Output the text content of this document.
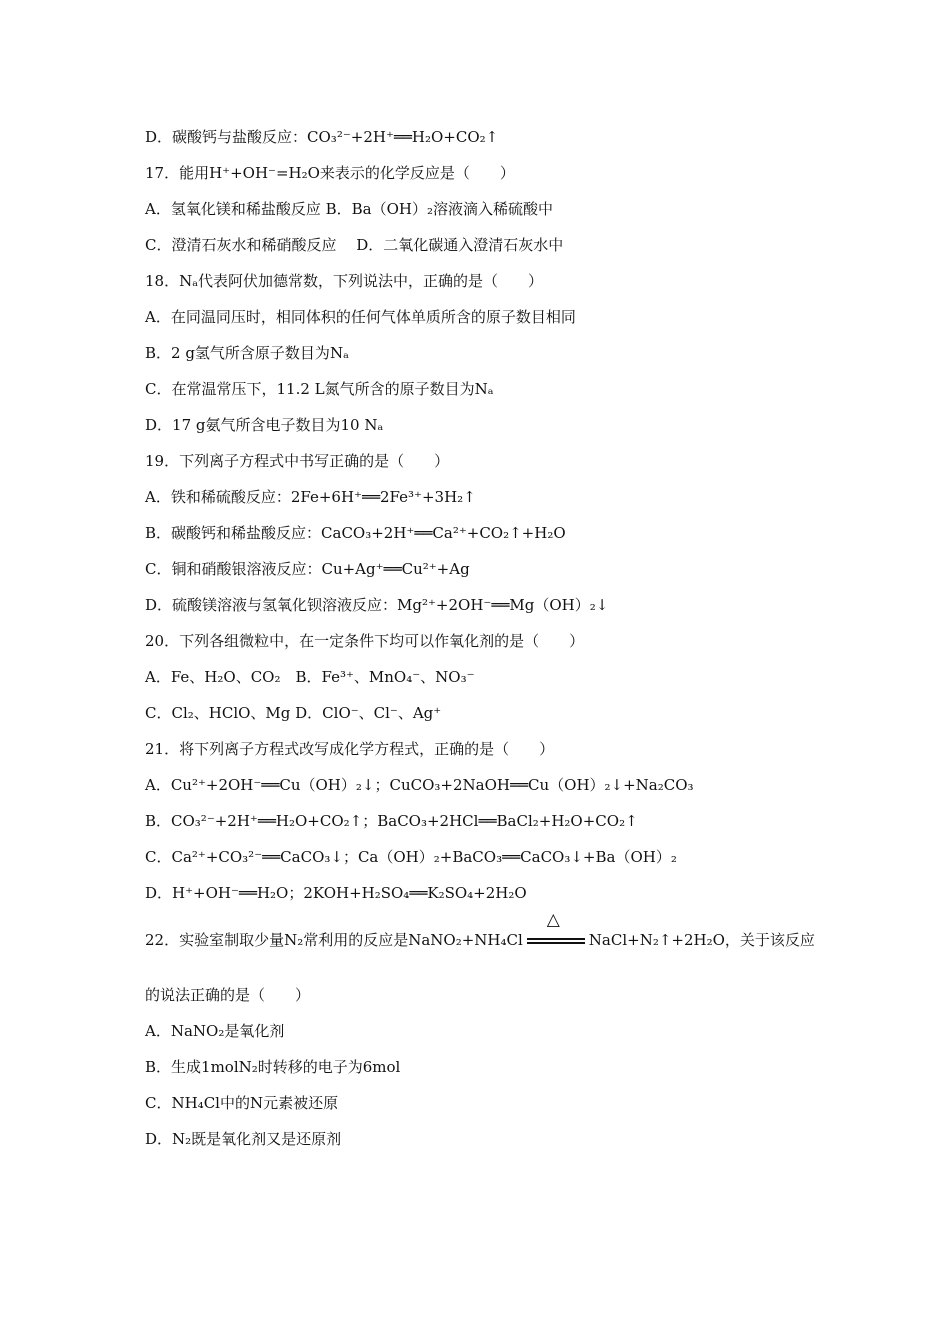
D．碳酸钙与盐酸反应：CO₃²⁻+2H⁺══H₂O+CO₂↑
17．能用H⁺+OH⁻=H₂O来表示的化学反应是（　　）
A．氢氧化镁和稀盐酸反应 B．Ba（OH）₂溶液滴入稀硫酸中
C．澄清石灰水和稀硝酸反应　 D．二氧化碳通入澄清石灰水中
18．Nₐ代表阿伏加德常数，下列说法中，正确的是（　　）
A．在同温同压时，相同体积的任何气体单质所含的原子数目相同
B．2 g氢气所含原子数目为Nₐ
C．在常温常压下，11.2 L氮气所含的原子数目为Nₐ
D．17 g氨气所含电子数目为10 Nₐ
19．下列离子方程式中书写正确的是（　　）
A．铁和稀硫酸反应：2Fe+6H⁺══2Fe³⁺+3H₂↑
B．碳酸钙和稀盐酸反应：CaCO₃+2H⁺══Ca²⁺+CO₂↑+H₂O
C．铜和硝酸银溶液反应：Cu+Ag⁺══Cu²⁺+Ag
D．硫酸镁溶液与氢氧化钡溶液反应：Mg²⁺+2OH⁻══Mg（OH）₂↓
20．下列各组微粒中，在一定条件下均可以作氧化剂的是（　　）
A．Fe、H₂O、CO₂　B．Fe³⁺、MnO₄⁻、NO₃⁻
C．Cl₂、HClO、Mg D．ClO⁻、Cl⁻、Ag⁺
21．将下列离子方程式改写成化学方程式，正确的是（　　）
A．Cu²⁺+2OH⁻══Cu（OH）₂↓；CuCO₃+2NaOH══Cu（OH）₂↓+Na₂CO₃
B．CO₃²⁻+2H⁺══H₂O+CO₂↑；BaCO₃+2HCl══BaCl₂+H₂O+CO₂↑
C．Ca²⁺+CO₃²⁻══CaCO₃↓；Ca（OH）₂+BaCO₃══CaCO₃↓+Ba（OH）₂
D．H⁺+OH⁻══H₂O；2KOH+H₂SO₄══K₂SO₄+2H₂O
22．实验室制取少量N₂常利用的反应是NaNO₂+NH₄Cl
△
NaCl+N₂↑+2H₂O，关于该反应
的说法正确的是（　　）
A．NaNO₂是氧化剂
B．生成1molN₂时转移的电子为6mol
C．NH₄Cl中的N元素被还原
D．N₂既是氧化剂又是还原剂
